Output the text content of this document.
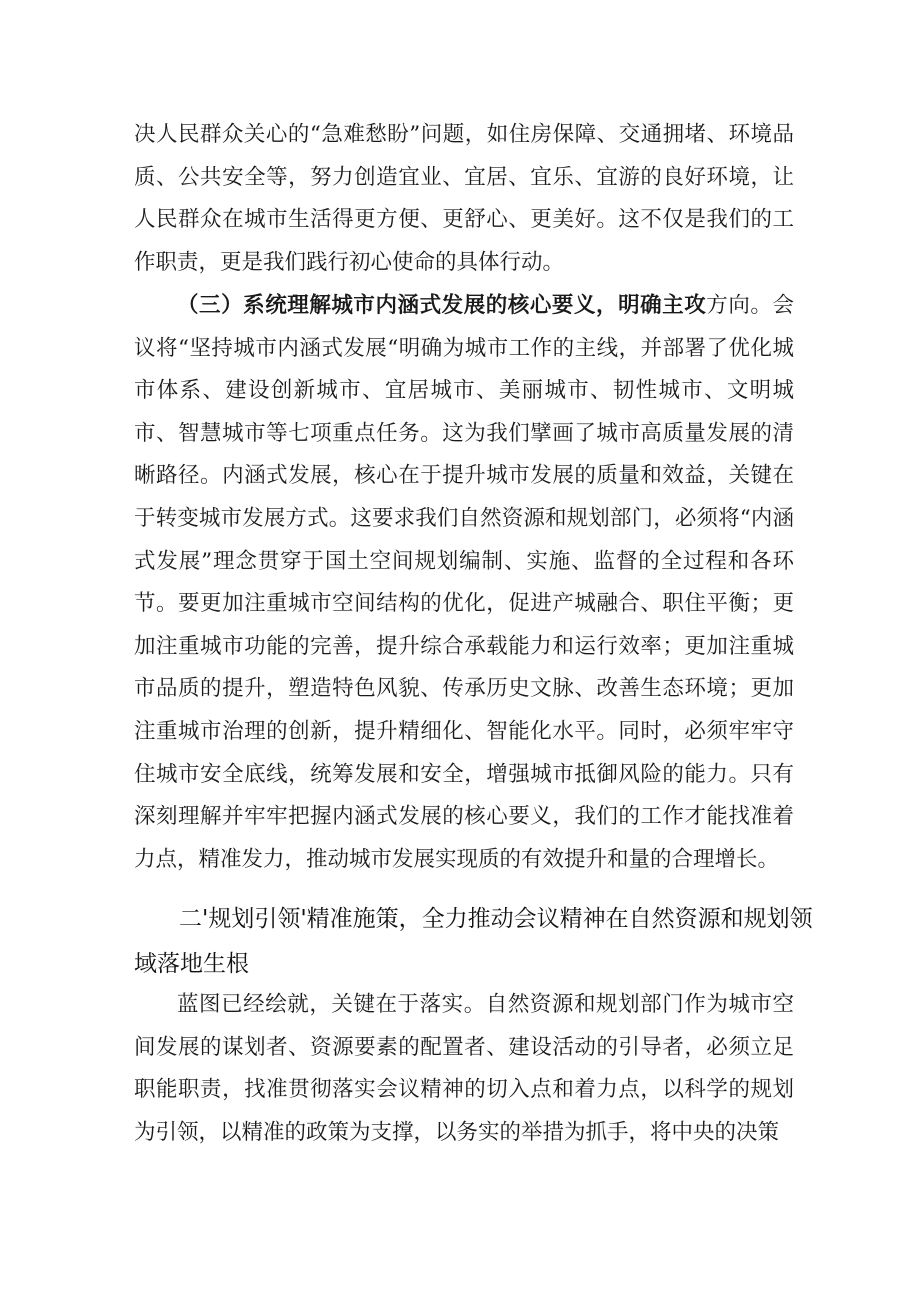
决人民群众关心的“急难愁盼”问题，如住房保障、交通拥堵、环境品质、公共安全等，努力创造宜业、宜居、宜乐、宜游的良好环境，让人民群众在城市生活得更方便、更舒心、更美好。这不仅是我们的工作职责，更是我们践行初心使命的具体行动。

（三）系统理解城市内涵式发展的核心要义，明确主攻方向。会议将“坚持城市内涵式发展“明确为城市工作的主线，并部署了优化城市体系、建设创新城市、宜居城市、美丽城市、韧性城市、文明城市、智慧城市等七项重点任务。这为我们擘画了城市高质量发展的清晰路径。内涵式发展，核心在于提升城市发展的质量和效益，关键在于转变城市发展方式。这要求我们自然资源和规划部门，必须将“内涵式发展”理念贯穿于国土空间规划编制、实施、监督的全过程和各环节。要更加注重城市空间结构的优化，促进产城融合、职住平衡；更加注重城市功能的完善，提升综合承载能力和运行效率；更加注重城市品质的提升，塑造特色风貌、传承历史文脉、改善生态环境；更加注重城市治理的创新，提升精细化、智能化水平。同时，必须牢牢守住城市安全底线，统筹发展和安全，增强城市抵御风险的能力。只有深刻理解并牢牢把握内涵式发展的核心要义，我们的工作才能找准着力点，精准发力，推动城市发展实现质的有效提升和量的合理增长。

二'规划引领'精准施策，全力推动会议精神在自然资源和规划领域落地生根

蓝图已经绘就，关键在于落实。自然资源和规划部门作为城市空间发展的谋划者、资源要素的配置者、建设活动的引导者，必须立足职能职责，找准贯彻落实会议精神的切入点和着力点，以科学的规划为引领，以精准的政策为支撑，以务实的举措为抓手，将中央的决策
